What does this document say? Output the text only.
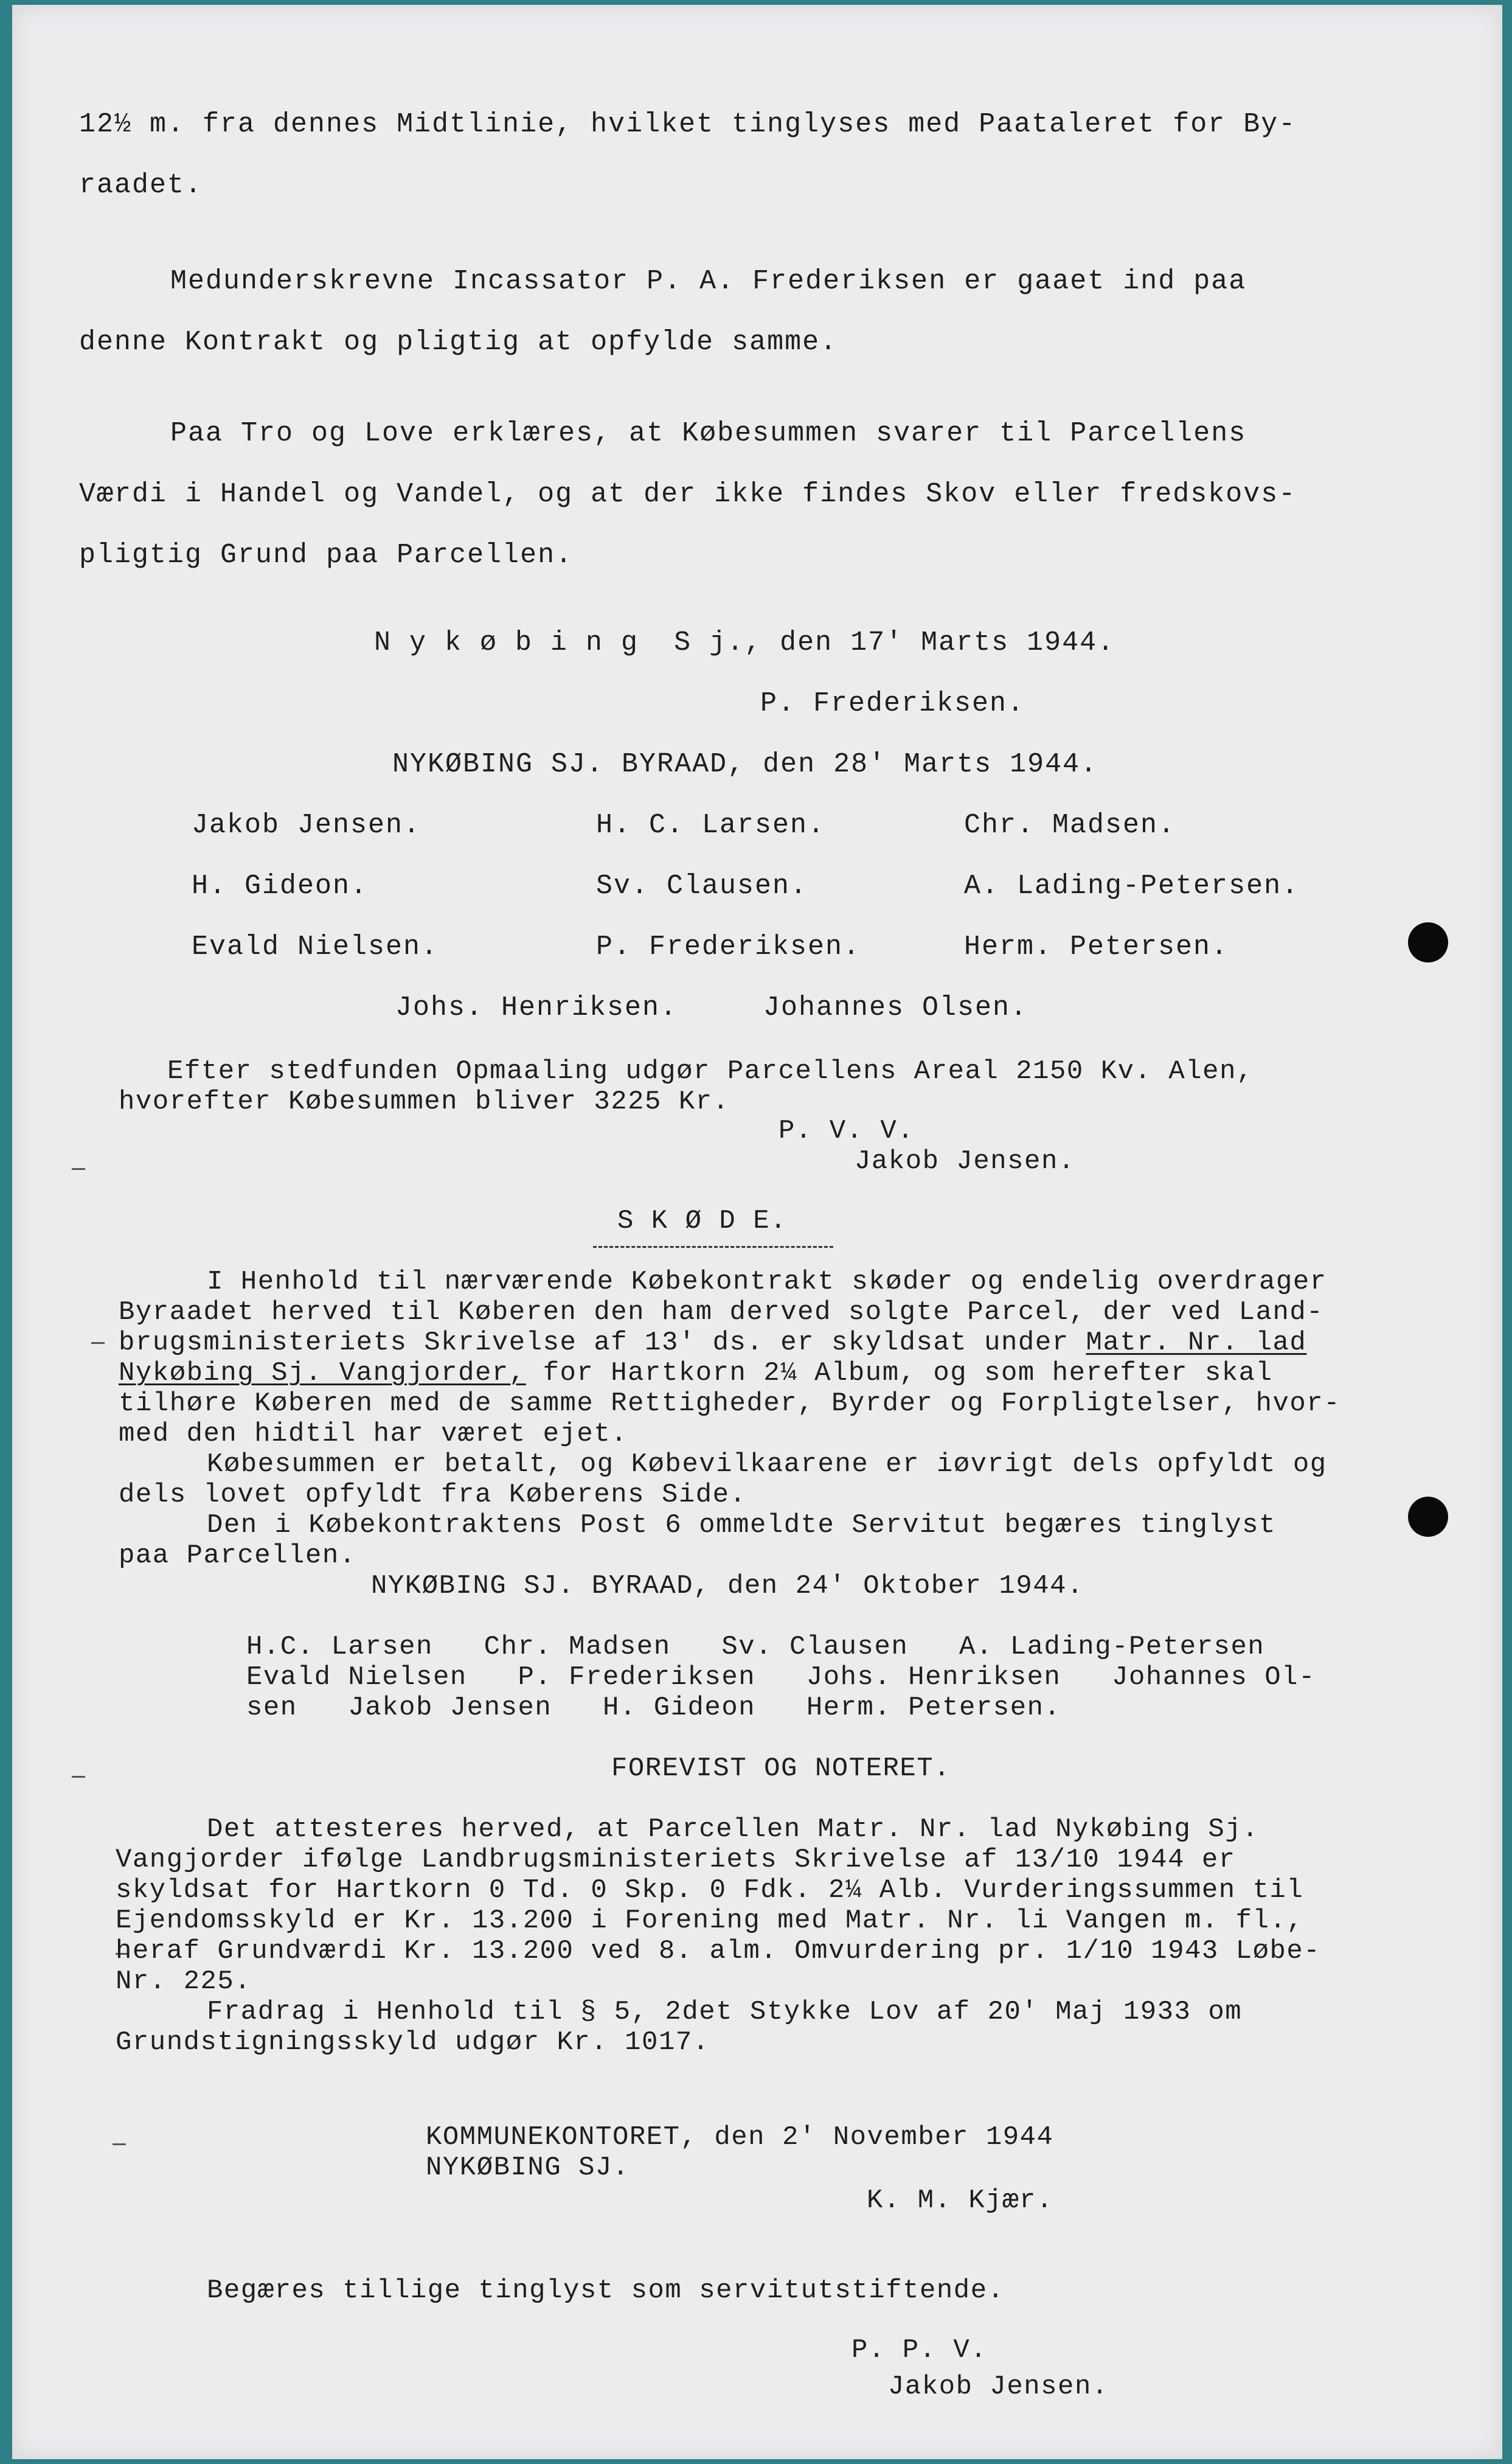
12½ m. fra dennes Midtlinie, hvilket tinglyses med Paataleret for By-

raadet.

Medunderskrevne Incassator P. A. Frederiksen er gaaet ind paa

denne Kontrakt og pligtig at opfylde samme.

Paa Tro og Love erklæres, at Købesummen svarer til Parcellens

Værdi i Handel og Vandel, og at der ikke findes Skov eller fredskovs-

pligtig Grund paa Parcellen.

N y k ø b i n g  S j., den 17' Marts 1944.

P. Frederiksen.

NYKØBING SJ. BYRAAD, den 28' Marts 1944.

Jakob Jensen.	H. C. Larsen.	Chr. Madsen.

H. Gideon.	Sv. Clausen.	A. Lading-Petersen.

Evald Nielsen.	P. Frederiksen.	Herm. Petersen.

Johs. Henriksen.	Johannes Olsen.

Efter stedfunden Opmaaling udgør Parcellens Areal 2150 Kv. Alen,

hvorefter Købesummen bliver 3225 Kr.

P. V. V.

Jakob Jensen.

S K Ø D E.

I Henhold til nærværende Købekontrakt skøder og endelig overdrager

Byraadet herved til Køberen den ham derved solgte Parcel, der ved Land-

brugsministeriets Skrivelse af 13' ds. er skyldsat under Matr. Nr. lad

Nykøbing Sj. Vangjorder, for Hartkorn 2¼ Album, og som herefter skal

tilhøre Køberen med de samme Rettigheder, Byrder og Forpligtelser, hvor-

med den hidtil har været ejet.

Købesummen er betalt, og Købevilkaarene er iøvrigt dels opfyldt og

dels lovet opfyldt fra Køberens Side.

Den i Købekontraktens Post 6 ommeldte Servitut begæres tinglyst

paa Parcellen.

NYKØBING SJ. BYRAAD, den 24' Oktober 1944.

H.C. Larsen   Chr. Madsen   Sv. Clausen   A. Lading-Petersen

Evald Nielsen   P. Frederiksen   Johs. Henriksen   Johannes Ol-

sen   Jakob Jensen   H. Gideon   Herm. Petersen.

FOREVIST OG NOTERET.

Det attesteres herved, at Parcellen Matr. Nr. lad Nykøbing Sj.

Vangjorder ifølge Landbrugsministeriets Skrivelse af 13/10 1944 er

skyldsat for Hartkorn 0 Td. 0 Skp. 0 Fdk. 2¼ Alb. Vurderingssummen til

Ejendomsskyld er Kr. 13.200 i Forening med Matr. Nr. li Vangen m. fl.,

heraf Grundværdi Kr. 13.200 ved 8. alm. Omvurdering pr. 1/10 1943 Løbe-

Nr. 225.

Fradrag i Henhold til § 5, 2det Stykke Lov af 20' Maj 1933 om

Grundstigningsskyld udgør Kr. 1017.

KOMMUNEKONTORET, den 2' November 1944

NYKØBING SJ.

K. M. Kjær.

Begæres tillige tinglyst som servitutstiftende.

P. P. V.

Jakob Jensen.
